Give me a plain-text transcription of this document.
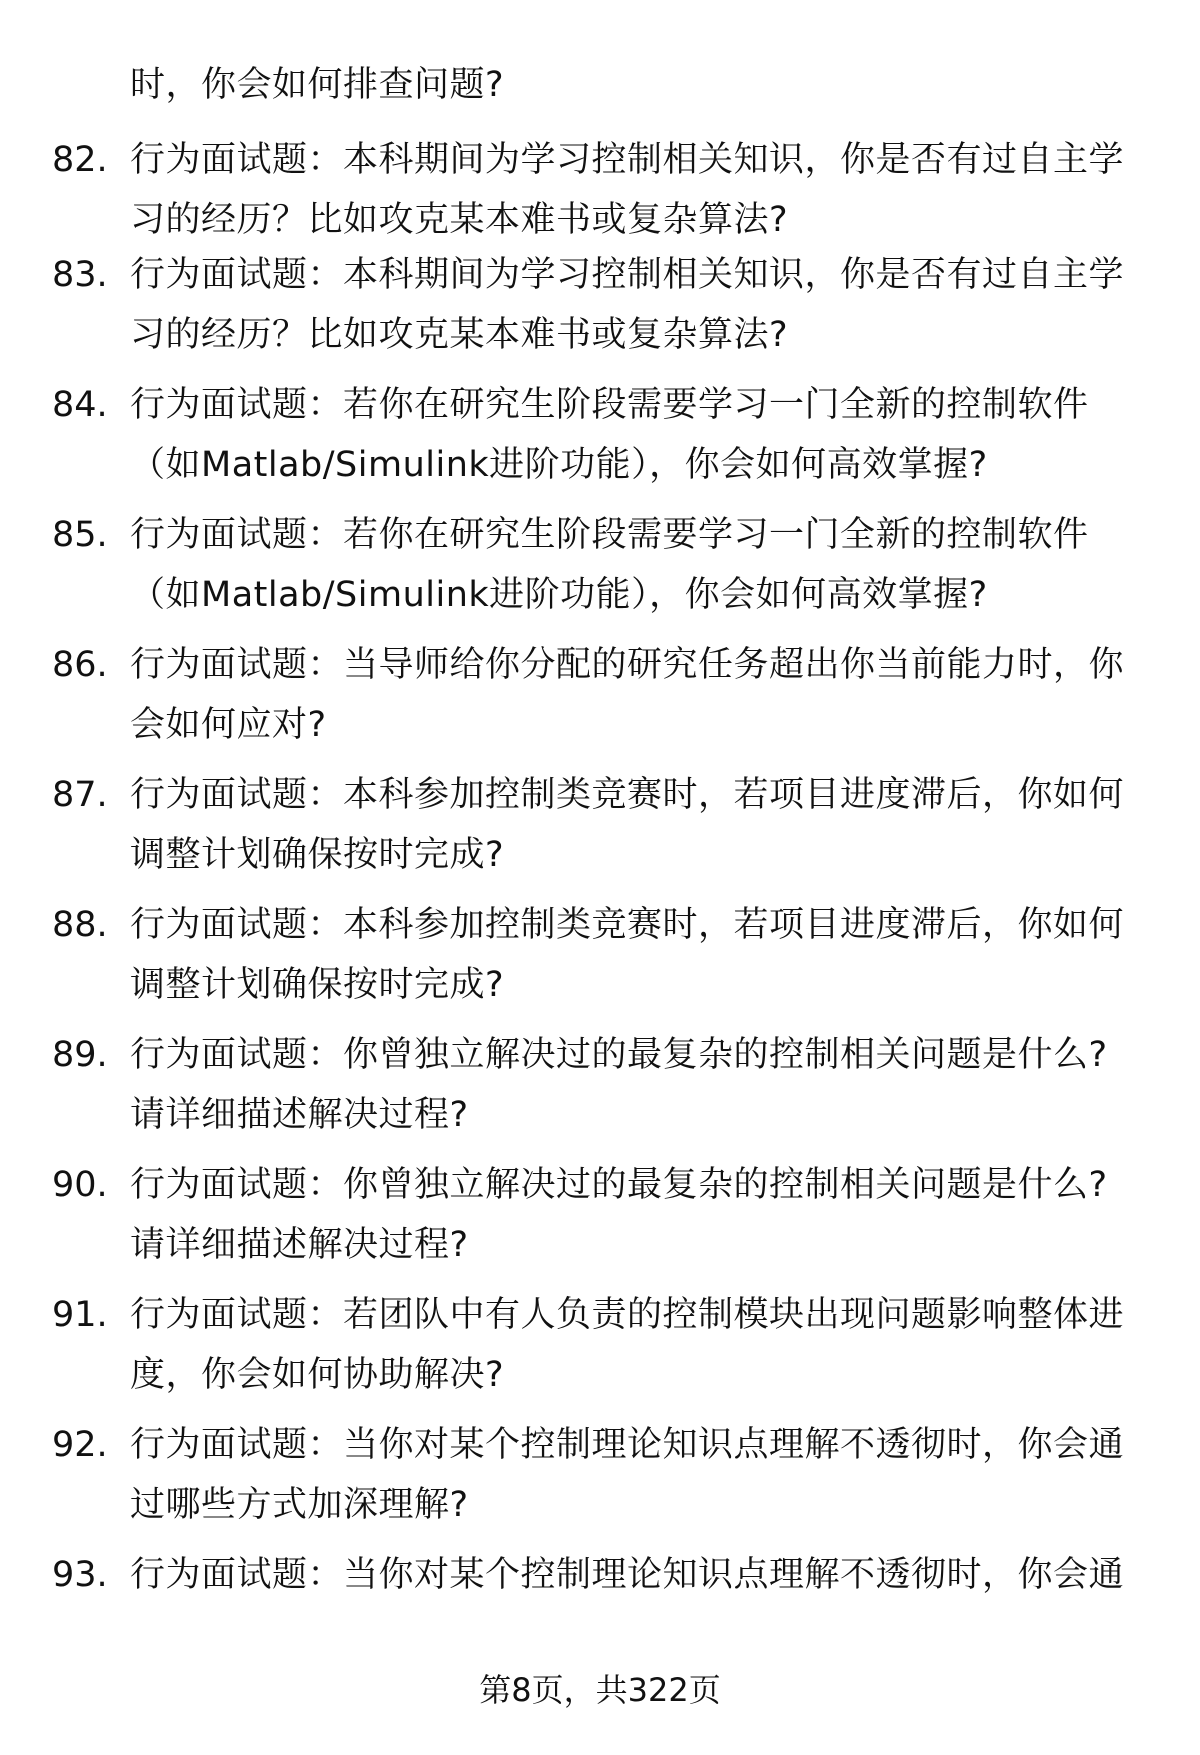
时，你会如何排查问题?
82. 行为面试题：本科期间为学习控制相关知识，你是否有过自主学
习的经历？比如攻克某本难书或复杂算法?
83. 行为面试题：本科期间为学习控制相关知识，你是否有过自主学
习的经历？比如攻克某本难书或复杂算法?
84. 行为面试题：若你在研究生阶段需要学习一门全新的控制软件
（如Matlab/Simulink进阶功能），你会如何高效掌握?
85. 行为面试题：若你在研究生阶段需要学习一门全新的控制软件
（如Matlab/Simulink进阶功能），你会如何高效掌握?
86. 行为面试题：当导师给你分配的研究任务超出你当前能力时，你
会如何应对?
87. 行为面试题：本科参加控制类竞赛时，若项目进度滞后，你如何
调整计划确保按时完成?
88. 行为面试题：本科参加控制类竞赛时，若项目进度滞后，你如何
调整计划确保按时完成?
89. 行为面试题：你曾独立解决过的最复杂的控制相关问题是什么?
请详细描述解决过程?
90. 行为面试题：你曾独立解决过的最复杂的控制相关问题是什么?
请详细描述解决过程?
91. 行为面试题：若团队中有人负责的控制模块出现问题影响整体进
度，你会如何协助解决?
92. 行为面试题：当你对某个控制理论知识点理解不透彻时，你会通
过哪些方式加深理解?
93. 行为面试题：当你对某个控制理论知识点理解不透彻时，你会通
第8页，共322页
